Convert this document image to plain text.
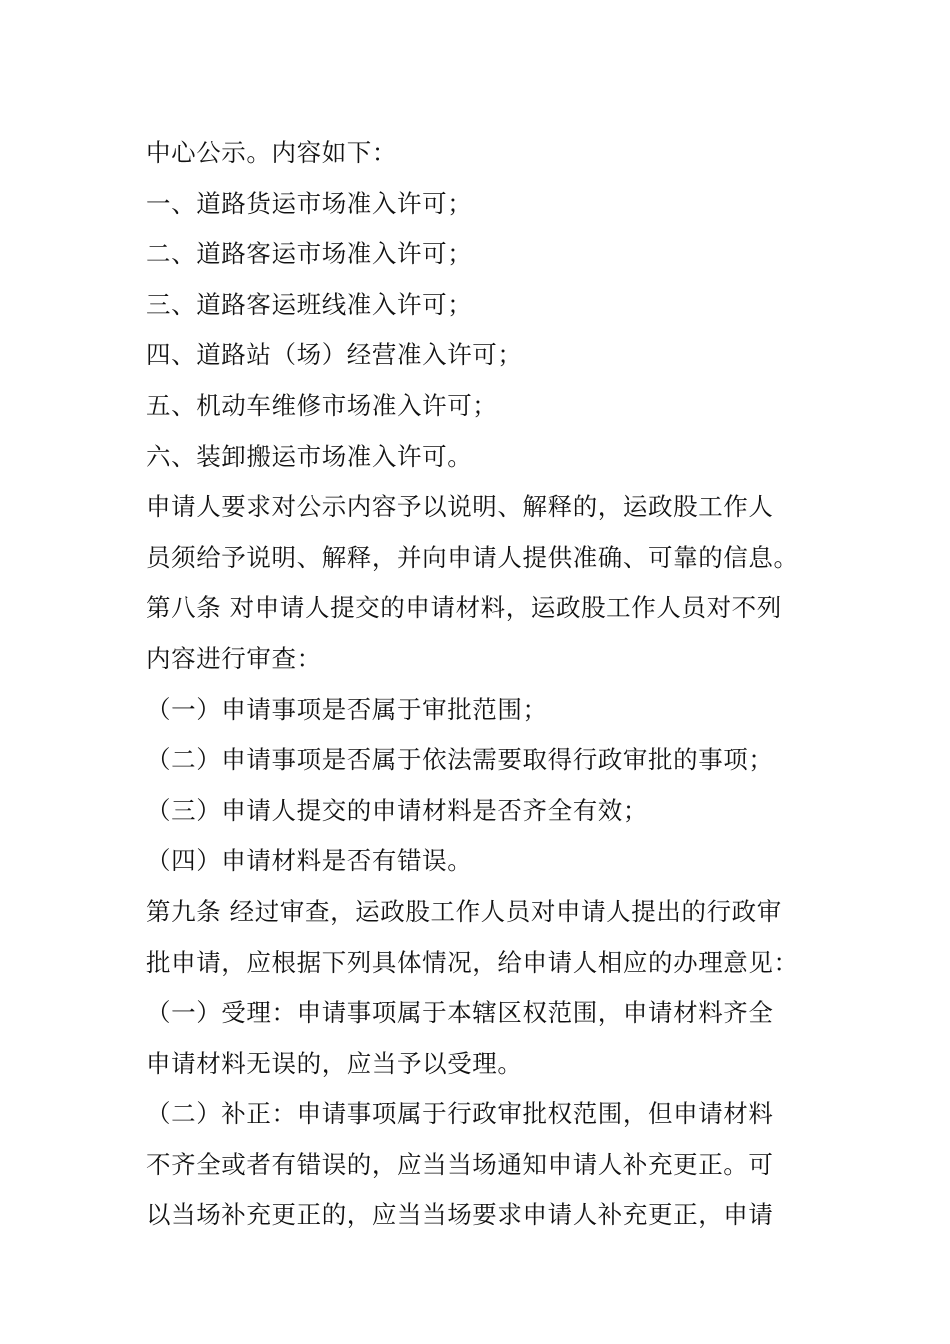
中心公示。内容如下：
一、道路货运市场准入许可；
二、道路客运市场准入许可；
三、道路客运班线准入许可；
四、道路站（场）经营准入许可；
五、机动车维修市场准入许可；
六、装卸搬运市场准入许可。
申请人要求对公示内容予以说明、解释的，运政股工作人
员须给予说明、解释，并向申请人提供准确、可靠的信息。
第八条 对申请人提交的申请材料，运政股工作人员对不列
内容进行审查：
（一）申请事项是否属于审批范围；
（二）申请事项是否属于依法需要取得行政审批的事项；
（三）申请人提交的申请材料是否齐全有效；
（四）申请材料是否有错误。
第九条 经过审查，运政股工作人员对申请人提出的行政审
批申请，应根据下列具体情况，给申请人相应的办理意见：
（一）受理：申请事项属于本辖区权范围，申请材料齐全
申请材料无误的，应当予以受理。
（二）补正：申请事项属于行政审批权范围，但申请材料
不齐全或者有错误的，应当当场通知申请人补充更正。可
以当场补充更正的，应当当场要求申请人补充更正，申请
